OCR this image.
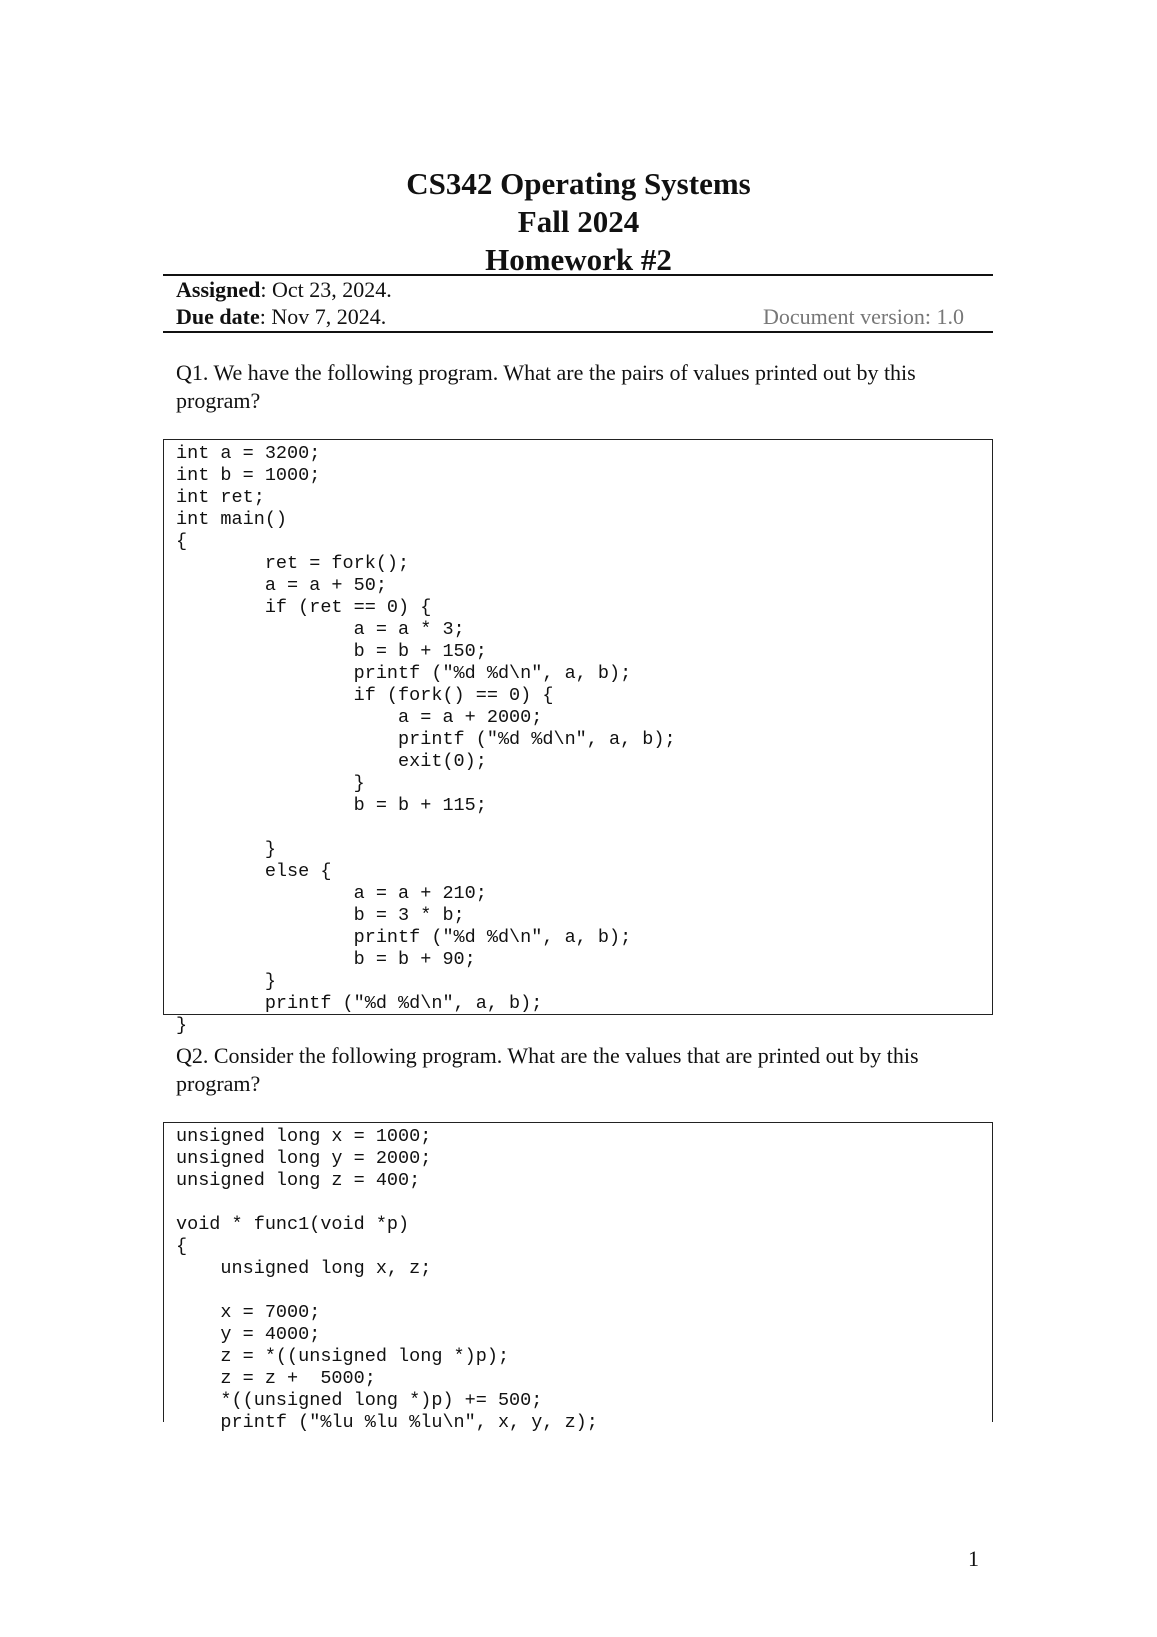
CS342 Operating Systems
Fall 2024
Homework #2
Assigned: Oct 23, 2024.
Due date: Nov 7, 2024.	Document version: 1.0
Q1. We have the following program. What are the pairs of values printed out by this program?
int a = 3200;
int b = 1000;
int ret;
int main()
{
ret = fork();
a = a + 50;
if (ret == 0) {
a = a * 3;
b = b + 150;
printf ("%d %d\n", a, b);
if (fork() == 0) {
a = a + 2000;
printf ("%d %d\n", a, b);
exit(0);
}
b = b + 115;
}
else {
a = a + 210;
b = 3 * b;
printf ("%d %d\n", a, b);
b = b + 90;
}
printf ("%d %d\n", a, b);
}
Q2. Consider the following program. What are the values that are printed out by this program?
unsigned long x = 1000;
unsigned long y = 2000;
unsigned long z = 400;
void * func1(void *p)
{
unsigned long x, z;
x = 7000;
y = 4000;
z = *((unsigned long *)p);
z = z +  5000;
*((unsigned long *)p) += 500;
printf ("%lu %lu %lu\n", x, y, z);
1
